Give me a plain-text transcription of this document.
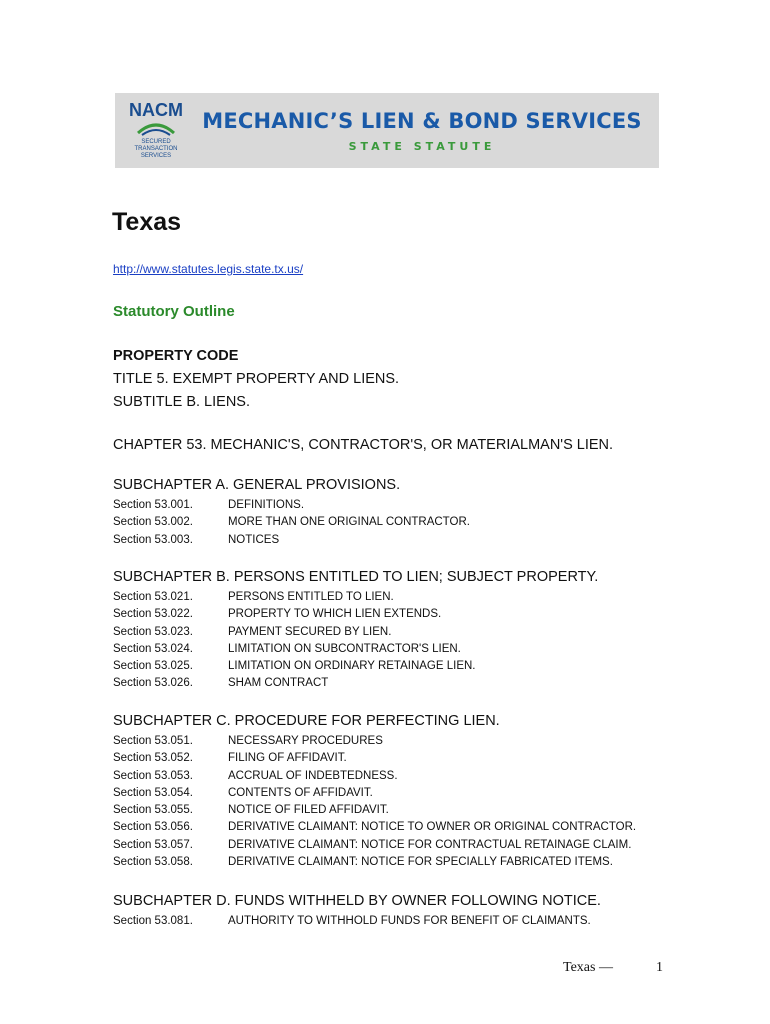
NACM
SECURED TRANSACTION SERVICES
MECHANIC’S LIEN & BOND SERVICES
STATE STATUTE
Texas
http://www.statutes.legis.state.tx.us/
Statutory Outline
PROPERTY CODE
TITLE 5. EXEMPT PROPERTY AND LIENS.
SUBTITLE B. LIENS.
CHAPTER 53. MECHANIC'S, CONTRACTOR'S, OR MATERIALMAN'S LIEN.
SUBCHAPTER A. GENERAL PROVISIONS.
Section 53.001.	DEFINITIONS.
Section 53.002.	MORE THAN ONE ORIGINAL CONTRACTOR.
Section 53.003.	NOTICES
SUBCHAPTER B. PERSONS ENTITLED TO LIEN; SUBJECT PROPERTY.
Section 53.021.	PERSONS ENTITLED TO LIEN.
Section 53.022.	PROPERTY TO WHICH LIEN EXTENDS.
Section 53.023.	PAYMENT SECURED BY LIEN.
Section 53.024.	LIMITATION ON SUBCONTRACTOR'S LIEN.
Section 53.025.	LIMITATION ON ORDINARY RETAINAGE LIEN.
Section 53.026.	SHAM CONTRACT
SUBCHAPTER C. PROCEDURE FOR PERFECTING LIEN.
Section 53.051.	NECESSARY PROCEDURES
Section 53.052.	FILING OF AFFIDAVIT.
Section 53.053.	ACCRUAL OF INDEBTEDNESS.
Section 53.054.	CONTENTS OF AFFIDAVIT.
Section 53.055.	NOTICE OF FILED AFFIDAVIT.
Section 53.056.	DERIVATIVE CLAIMANT: NOTICE TO OWNER OR ORIGINAL CONTRACTOR.
Section 53.057.	DERIVATIVE CLAIMANT: NOTICE FOR CONTRACTUAL RETAINAGE CLAIM.
Section 53.058.	DERIVATIVE CLAIMANT: NOTICE FOR SPECIALLY FABRICATED ITEMS.
SUBCHAPTER D. FUNDS WITHHELD BY OWNER FOLLOWING NOTICE.
Section 53.081.	AUTHORITY TO WITHHOLD FUNDS FOR BENEFIT OF CLAIMANTS.
Texas —	1
